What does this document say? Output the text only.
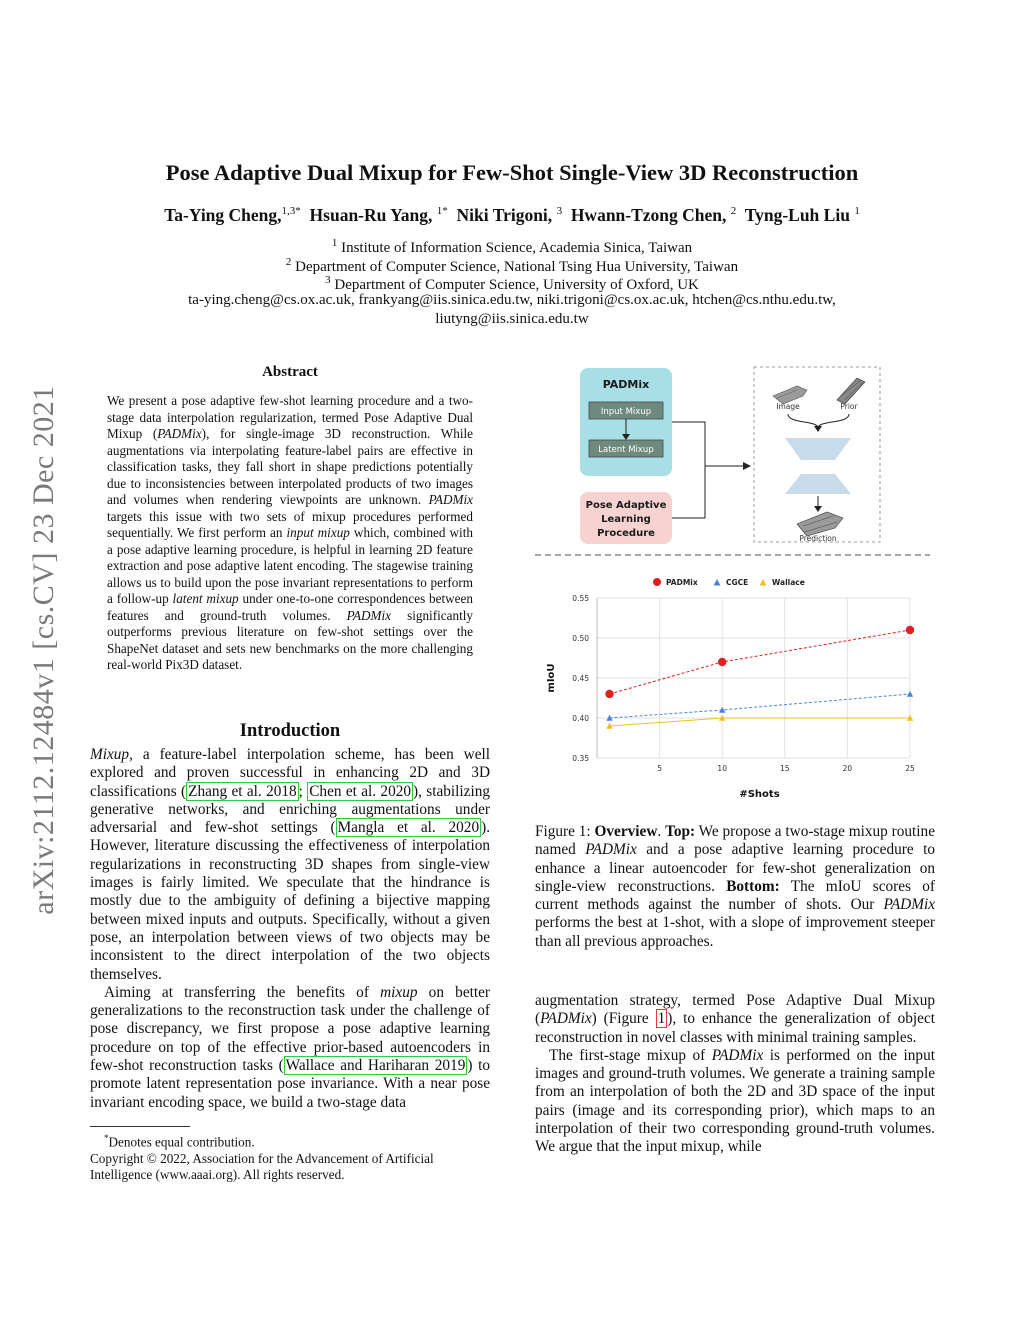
arXiv:2112.12484v1 [cs.CV] 23 Dec 2021
Pose Adaptive Dual Mixup for Few-Shot Single-View 3D Reconstruction
Ta-Ying Cheng,$^{1,3*}$ Hsuan-Ru Yang, $^{1*}$ Niki Trigoni, $^3$ Hwann-Tzong Chen, $^2$ Tyng-Luh Liu $^1$
$^1$ Institute of Information Science, Academia Sinica, Taiwan
$^2$ Department of Computer Science, National Tsing Hua University, Taiwan
$^3$ Department of Computer Science, University of Oxford, UK
ta-ying.cheng@cs.ox.ac.uk, frankyang@iis.sinica.edu.tw, niki.trigoni@cs.ox.ac.uk, htchen@cs.nthu.edu.tw,
liutyng@iis.sinica.edu.tw
Abstract

We present a pose adaptive few-shot learning procedure and a two-stage data interpolation regularization, termed Pose Adaptive Dual Mixup (PADMix), for single-image 3D reconstruction. While augmentations via interpolating feature-label pairs are effective in classification tasks, they fall short in shape predictions potentially due to inconsistencies between interpolated products of two images and volumes when rendering viewpoints are unknown. PADMix targets this issue with two sets of mixup procedures performed sequentially. We first perform an input mixup which, combined with a pose adaptive learning procedure, is helpful in learning 2D feature extraction and pose adaptive latent encoding. The stagewise training allows us to build upon the pose invariant representations to perform a follow-up latent mixup under one-to-one correspondences between features and ground-truth volumes. PADMix significantly outperforms previous literature on few-shot settings over the ShapeNet dataset and sets new benchmarks on the more challenging real-world Pix3D dataset.

Introduction

Mixup, a feature-label interpolation scheme, has been well explored and proven successful in enhancing 2D and 3D classifications ( Zhang et al. 2018 ; Chen et al. 2020 ), stabilizing generative networks, and enriching augmentations under adversarial and few-shot settings ( Mangla et al. 2020 ). However, literature discussing the effectiveness of interpolation regularizations in reconstructing 3D shapes from single-view images is fairly limited. We speculate that the hindrance is mostly due to the ambiguity of defining a bijective mapping between mixed inputs and outputs. Specifically, without a given pose, an interpolation between views of two objects may be inconsistent to the direct interpolation of the two objects themselves.

Aiming at transferring the benefits of mixup on better generalizations to the reconstruction task under the challenge of pose discrepancy, we first propose a pose adaptive learning procedure on top of the effective prior-based autoencoders in few-shot reconstruction tasks ( Wallace and Hariharan 2019 ) to promote latent representation pose invariance. With a near pose invariant encoding space, we build a two-stage data

*Denotes equal contribution.
Copyright © 2022, Association for the Advancement of Artificial Intelligence (www.aaai.org). All rights reserved.
PADMix
Input Mixup
Latent Mixup
Pose Adaptive
Learning
Procedure
Image	Prior
Prediction
0.35
0.40
0.45
0.50
0.55
5	10	15	20	25
#Shots
mIoU
PADMix	CGCE	Wallace
Figure 1: Overview. Top: We propose a two-stage mixup routine named PADMix and a pose adaptive learning procedure to enhance a linear autoencoder for few-shot generalization on single-view reconstructions. Bottom: The mIoU scores of current methods against the number of shots. Our PADMix performs the best at 1-shot, with a slope of improvement steeper than all previous approaches.

augmentation strategy, termed Pose Adaptive Dual Mixup (PADMix) (Figure 1 ), to enhance the generalization of object reconstruction in novel classes with minimal training samples.

The first-stage mixup of PADMix is performed on the input images and ground-truth volumes. We generate a training sample from an interpolation of both the 2D and 3D space of the input pairs (image and its corresponding prior), which maps to an interpolation of their two corresponding ground-truth volumes. We argue that the input mixup, while
